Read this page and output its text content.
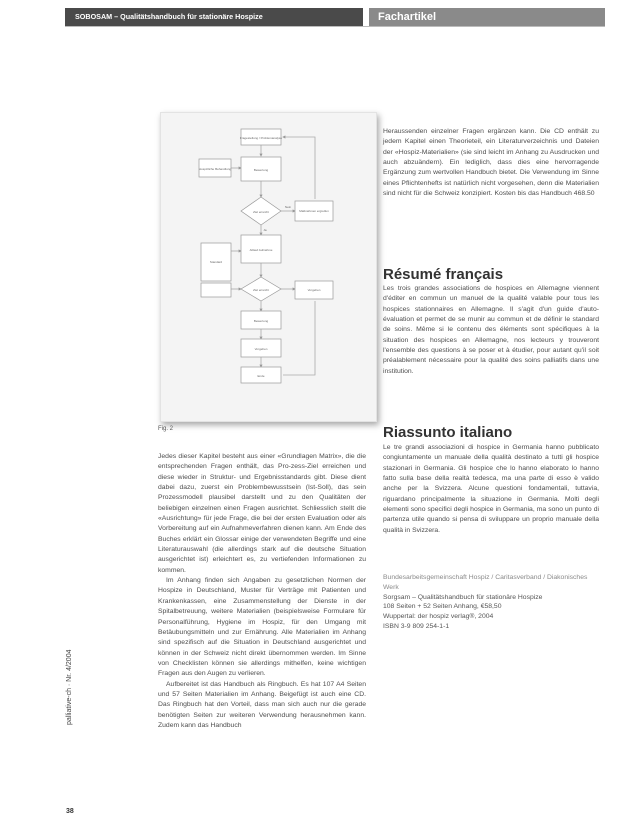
SOBOSAM – Qualitätshandbuch für stationäre Hospize	Fachartikel
Fragestellung / Problemanalyse
Hospizliche Behandlung	Bewertung
Ziel erreicht	Maßnahmen ergreifen
Ablauf Aufnahme
Standard
Ziel erreicht	Vorgehen
Bewertung
Vorgehen
Ende
Nein
Ja
Fig. 2

Jedes dieser Kapitel besteht aus einer «Grundlagen Matrix», die die entsprechenden Fragen enthält, das Pro-zess-Ziel erreichen und diese wieder in Struktur- und Ergebnisstandards gibt. Diese dient dabei dazu, zuerst ein Problembewusstsein (Ist-Soll), das sein Prozessmodell plausibel darstellt und zu den Qualitäten der beliebigen einzelnen einen Fragen ausrichtet. Schliesslich stellt die «Ausrichtung» für jede Frage, die bei der ersten Evaluation oder als Vorbereitung auf ein Aufnahmeverfahren dienen kann. Am Ende des Buches erklärt ein Glossar einige der verwendeten Begriffe und eine Literaturauswahl (die allerdings stark auf die deutsche Situation ausgerichtet ist) erleichtert es, zu vertiefenden Informationen zu kommen.

Im Anhang finden sich Angaben zu gesetzlichen Normen der Hospize in Deutschland, Muster für Verträge mit Patienten und Krankenkassen, eine Zusammenstellung der Dienste in der Spitalbetreuung, weitere Materialien (beispielsweise Formulare für Personalführung, Hygiene im Hospiz, für den Umgang mit Betäubungsmitteln und zur Ernährung. Alle Materialien im Anhang sind spezifisch auf die Situation in Deutschland ausgerichtet und können in der Schweiz nicht direkt übernommen werden. Im Sinne von Checklisten können sie allerdings mithelfen, keine wichtigen Fragen aus den Augen zu verlieren.

Aufbereitet ist das Handbuch als Ringbuch. Es hat 107 A4 Seiten und 57 Seiten Materialien im Anhang. Beigefügt ist auch eine CD. Das Ringbuch hat den Vorteil, dass man sich auch nur die gerade benötigten Seiten zur weiteren Verwendung herausnehmen kann. Zudem kann das Handbuch

Heraussenden einzelner Fragen ergänzen kann. Die CD enthält zu jedem Kapitel einen Theorieteil, ein Literaturverzeichnis und Dateien der «Hospiz-Materialien» (sie sind leicht im Anhang zu Ausdrucken und auch abzuändern). Ein lediglich, dass dies eine hervorragende Ergänzung zum wertvollen Handbuch bietet. Die Verwendung im Sinne eines Pflichtenhefts ist natürlich nicht vorgesehen, denn die Materialien sind nicht für die Schweiz konzipiert. Kosten bis das Handbuch 468.50

Résumé français

Les trois grandes associations de hospices en Allemagne viennent d'éditer en commun un manuel de la qualité valable pour tous les hospices stationnaires en Allemagne. Il s'agit d'un guide d'auto-évaluation et permet de se munir au commun et de définir le standard de soins. Même si le contenu des éléments sont spécifiques à la situation des hospices en Allemagne, nos lecteurs y trouveront l'ensemble des questions à se poser et à étudier, pour autant qu'il soit préalablement nécessaire pour la qualité des soins palliatifs dans une institution.

Riassunto italiano

Le tre grandi associazioni di hospice in Germania hanno pubblicato congiuntamente un manuale della qualità destinato a tutti gli hospice stazionari in Germania. Gli hospice che lo hanno elaborato lo hanno fatto sulla base della realtà tedesca, ma una parte di esso è valido anche per la Svizzera. Alcune questioni fondamentali, tuttavia, riguardano principalmente la situazione in Germania. Molti degli elementi sono specifici degli hospice in Germania, ma sono un punto di partenza utile quando si pensa di sviluppare un proprio manuale della qualità in Svizzera.

Bundesarbeitsgemeinschaft Hospiz / Caritasverband / Diakonisches Werk
Sorgsam – Qualitätshandbuch für stationäre Hospize
108 Seiten + 52 Seiten Anhang, €58,50
Wuppertal: der hospiz verlag®, 2004
ISBN 3-9 809 254-1-1
palliative-ch · Nr. 4/2004
38
